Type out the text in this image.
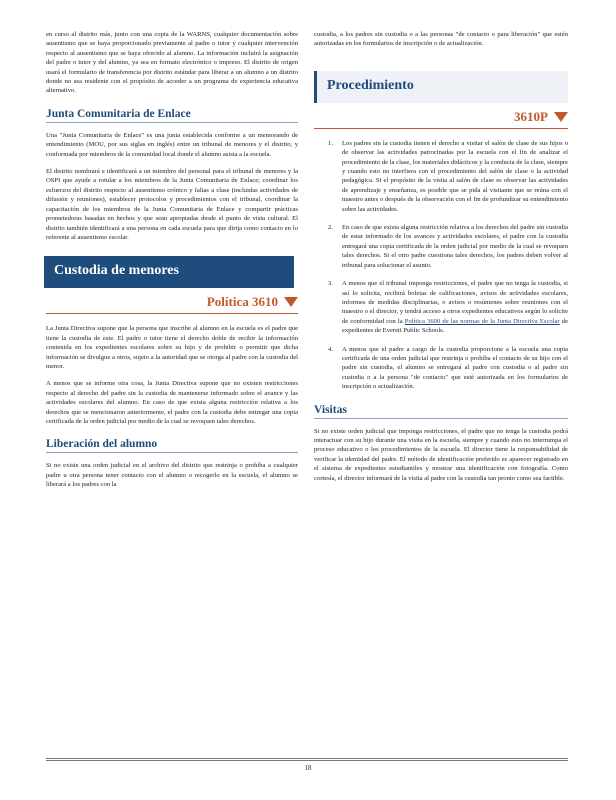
en curso al distrito más, junto con una copia de la WARNS, cualquier documentación sobre ausentismo que se haya proporcionado previamente al padre o tutor y cualquier intervención respecto al ausentismo que se haya ofrecido al alumno. La información incluirá la asignación del padre o tutor y del alumno, ya sea en formato electrónico o impreso. El distrito de origen usará el formulario de transferencia por distrito estándar para liberar a un alumno a un distrito donde no sea residente con el propósito de acceder a un programa de experiencia educativa alternativo.

Junta Comunitaria de Enlace

Una "Junta Comunitaria de Enlace" es una junta establecida conforme a un memorando de entendimiento (MOU, por sus siglas en inglés) entre un tribunal de menores y el distrito, y conformada por miembros de la comunidad local donde el alumno asista a la escuela.

El distrito nombrará e identificará a un miembro del personal para el tribunal de menores y la OSPI que ayude a rotular a los miembros de la Junta Comunitaria de Enlace; coordinar los esfuerzos del distrito respecto al ausentismo crónico y faltas a clase (incluidas actividades de difusión y reuniones), establecer protocolos y procedimientos con el tribunal, coordinar la capacitación de los miembros de la Junta Comunitaria de Enlace y compartir prácticas prometedoras basadas en hechos y que sean apropiadas desde el punto de vista cultural. El distrito también identificará a una persona en cada escuela para que dirija como contacto en lo referente al ausentismo escolar.

Custodia de menores
Política 3610

La Junta Directiva supone que la persona que inscribe al alumno en la escuela es el padre que tiene la custodia de este. El padre o tutor tiene el derecho doble de recibir la información contenida en los expedientes escolares sobre su hijo y de prohibir o permitir que dicha información se divulgue a otros, sujeto a la autoridad que se otorga al padre con la custodia del menor.

A menos que se informe otra cosa, la Junta Directiva supone que no existen restricciones respecto al derecho del padre sin la custodia de mantenerse informado sobre el avance y las actividades escolares del alumno. En caso de que exista alguna restricción relativa a los derechos que se mencionaron anteriormente, el padre con la custodia debe entregar una copia certificada de la orden judicial por medio de la cual se revoquen tales derechos.

Liberación del alumno

Si no existe una orden judicial en el archivo del distrito que restrinja o prohíba a cualquier padre u otra persona tener contacto con el alumno o recogerlo en la escuela, el alumno se liberará a los padres con la

custodia, a los padres sin custodia o a las personas "de contacto o para liberación" que estén autorizadas en los formularios de inscripción o de actualización.

Procedimiento
3610P
1. Los padres sin la custodia tienen el derecho a visitar el salón de clase de sus hijos o de observar las actividades patrocinadas por la escuela con el fin de analizar el procedimiento de la clase, los materiales didácticos y la conducta de la clase, siempre y cuando esto no interfiera con el procedimiento del salón de clase o la actividad pedagógica. Si el propósito de la visita al salón de clase es observar las actividades de aprendizaje y enseñanza, es posible que se pida al visitante que se reúna con el maestro antes o después de la observación con el fin de profundizar su entendimiento sobre las actividades.

2. En caso de que exista alguna restricción relativa a los derechos del padre sin custodia de estar informado de los avances y actividades escolares, el padre con la custodia entregará una copia certificada de la orden judicial por medio de la cual se revoquen tales derechos. Si el otro padre cuestiona tales derechos, los padres deben volver al tribunal para solucionar el asunto.

3. A menos que el tribunal imponga restricciones, el padre que no tenga la custodia, si así lo solicita, recibirá boletas de calificaciones, avisos de actividades escolares, informes de medidas disciplinarias, o avisos o resúmenes sobre reuniones con el maestro o el director, y tendrá acceso a otros expedientes educativos según lo solicite de conformidad con la Política 3600 de las normas de la Junta Directiva Escolar de expedientes de Everett Public Schools.

4. A menos que el padre a cargo de la custodia proporcione a la escuela una copia certificada de una orden judicial que restrinja o prohíba el contacto de su hijo con el padre sin custodia, el alumno se entregará al padre con custodia o al padre sin custodia o a la persona "de contacto" que esté autorizada en los formularios de inscripción o actualización.

Visitas

Si no existe orden judicial que imponga restricciones, el padre que no tenga la custodia podrá interactuar con su hijo durante una visita en la escuela, siempre y cuando esto no interrumpa el proceso educativo o los procedimientos de la escuela. El director tiene la responsabilidad de verificar la identidad del padre. El método de identificación preferido es aparecer registrado en el sistema de expedientes estudiantiles y mostrar una identificación con fotografía. Como cortesía, el director informará de la visita al padre con la custodia tan pronto como sea factible.

18
